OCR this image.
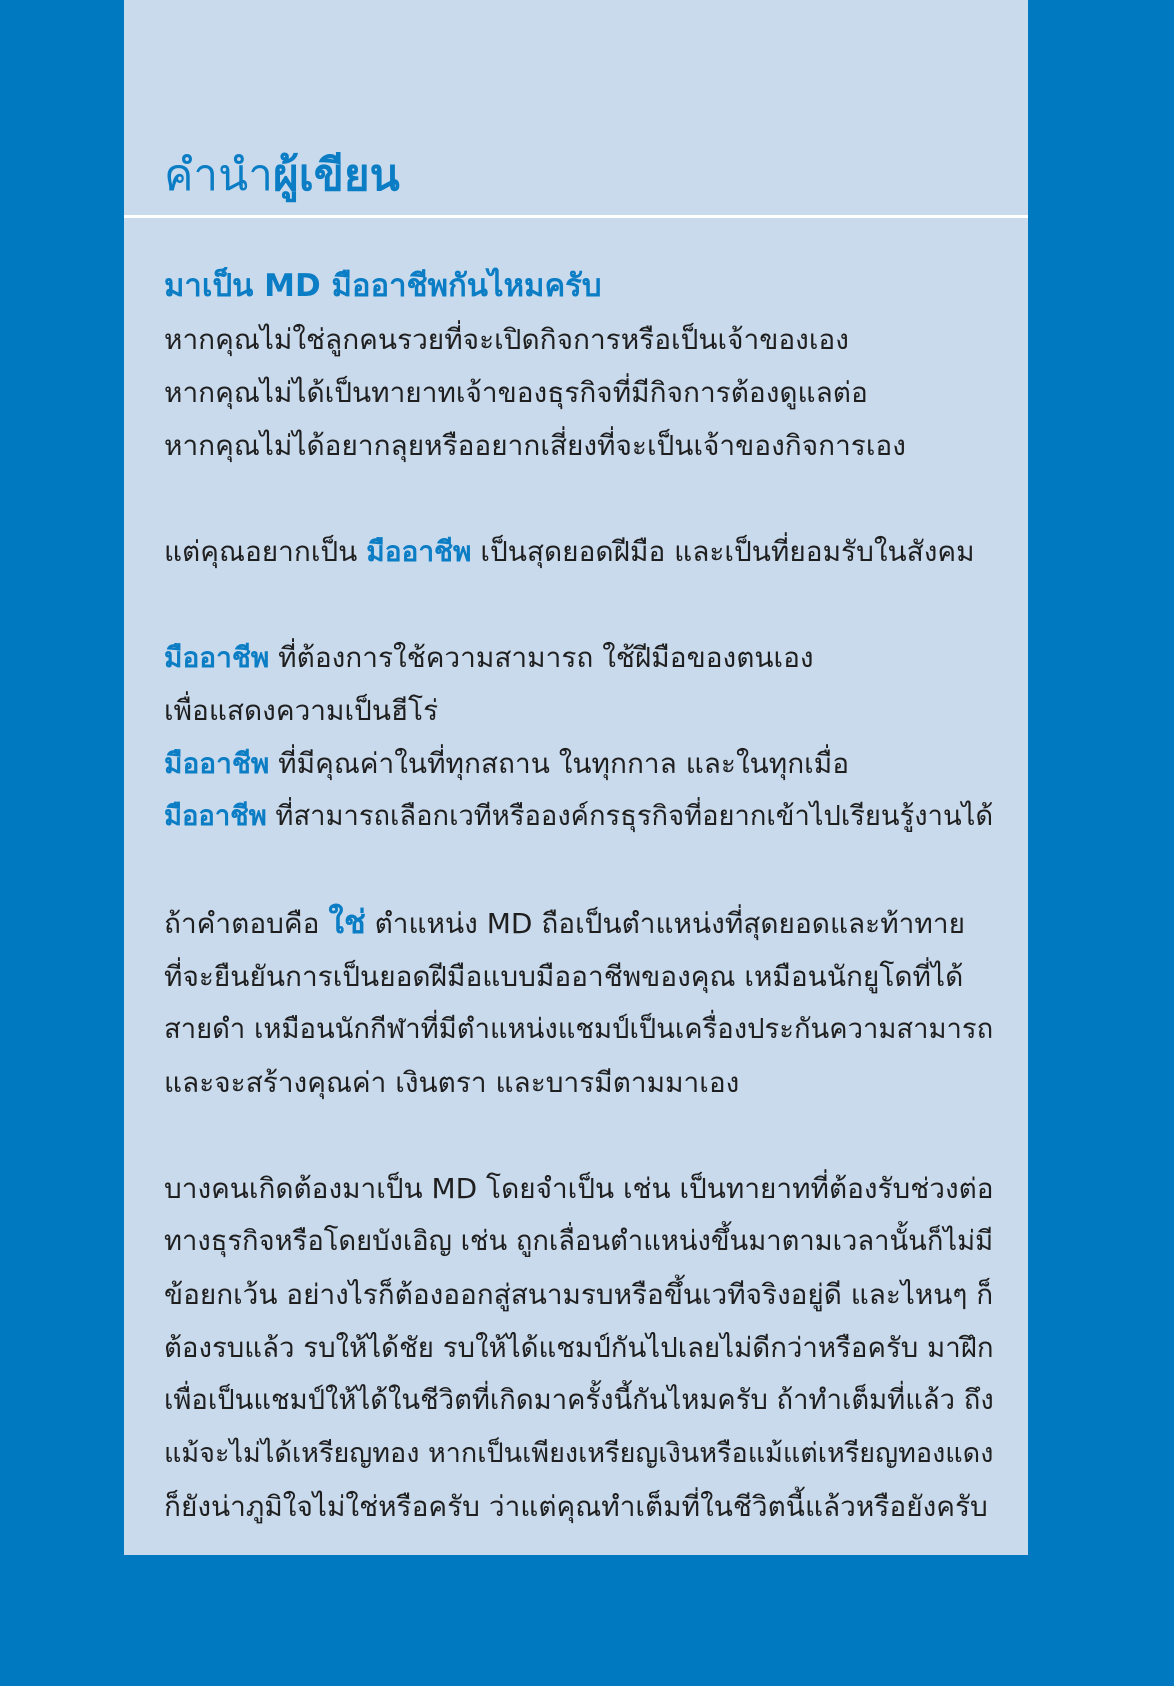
คำนำผู้เขียน

มาเป็น MD มืออาชีพกันไหมครับ

หากคุณไม่ใช่ลูกคนรวยที่จะเปิดกิจการหรือเป็นเจ้าของเอง

หากคุณไม่ได้เป็นทายาทเจ้าของธุรกิจที่มีกิจการต้องดูแลต่อ

หากคุณไม่ได้อยากลุยหรืออยากเสี่ยงที่จะเป็นเจ้าของกิจการเอง

แต่คุณอยากเป็น มืออาชีพ เป็นสุดยอดฝีมือ และเป็นที่ยอมรับในสังคม

มืออาชีพ ที่ต้องการใช้ความสามารถ ใช้ฝีมือของตนเอง

เพื่อแสดงความเป็นฮีโร่

มืออาชีพ ที่มีคุณค่าในที่ทุกสถาน ในทุกกาล และในทุกเมื่อ

มืออาชีพ ที่สามารถเลือกเวทีหรือองค์กรธุรกิจที่อยากเข้าไปเรียนรู้งานได้

ถ้าคำตอบคือ ใช่ ตำแหน่ง MD ถือเป็นตำแหน่งที่สุดยอดและท้าทาย

ที่จะยืนยันการเป็นยอดฝีมือแบบมืออาชีพของคุณ เหมือนนักยูโดที่ได้

สายดำ เหมือนนักกีฬาที่มีตำแหน่งแชมป์เป็นเครื่องประกันความสามารถ

และจะสร้างคุณค่า เงินตรา และบารมีตามมาเอง

บางคนเกิดต้องมาเป็น MD โดยจำเป็น เช่น เป็นทายาทที่ต้องรับช่วงต่อ

ทางธุรกิจหรือโดยบังเอิญ เช่น ถูกเลื่อนตำแหน่งขึ้นมาตามเวลานั้นก็ไม่มี

ข้อยกเว้น อย่างไรก็ต้องออกสู่สนามรบหรือขึ้นเวทีจริงอยู่ดี และไหนๆ ก็

ต้องรบแล้ว รบให้ได้ชัย รบให้ได้แชมป์กันไปเลยไม่ดีกว่าหรือครับ มาฝึก

เพื่อเป็นแชมป์ให้ได้ในชีวิตที่เกิดมาครั้งนี้กันไหมครับ ถ้าทำเต็มที่แล้ว ถึง

แม้จะไม่ได้เหรียญทอง หากเป็นเพียงเหรียญเงินหรือแม้แต่เหรียญทองแดง

ก็ยังน่าภูมิใจไม่ใช่หรือครับ ว่าแต่คุณทำเต็มที่ในชีวิตนี้แล้วหรือยังครับ
